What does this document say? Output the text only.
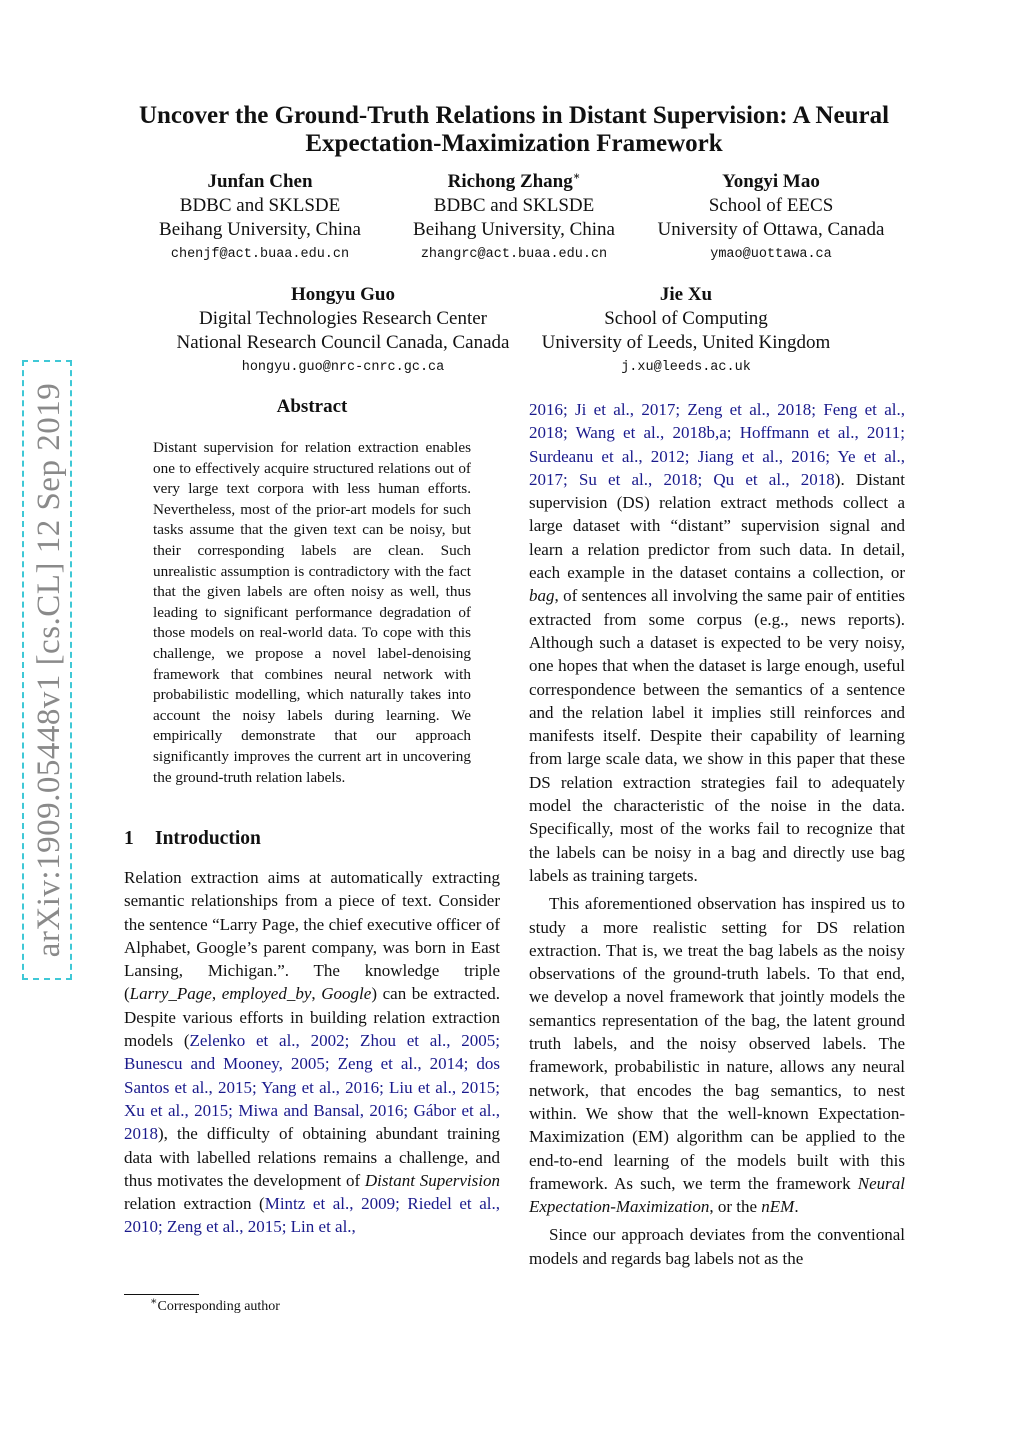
arXiv:1909.05448v1 [cs.CL] 12 Sep 2019
Uncover the Ground-Truth Relations in Distant Supervision: A Neural Expectation-Maximization Framework
Junfan Chen
BDBC and SKLSDE
Beihang University, China
chenjf@act.buaa.edu.cn
Richong Zhang∗
BDBC and SKLSDE
Beihang University, China
zhangrc@act.buaa.edu.cn
Yongyi Mao
School of EECS
University of Ottawa, Canada
ymao@uottawa.ca
Hongyu Guo
Digital Technologies Research Center
National Research Council Canada, Canada
hongyu.guo@nrc-cnrc.gc.ca
Jie Xu
School of Computing
University of Leeds, United Kingdom
j.xu@leeds.ac.uk
Abstract
Distant supervision for relation extraction enables one to effectively acquire structured relations out of very large text corpora with less human efforts. Nevertheless, most of the prior-art models for such tasks assume that the given text can be noisy, but their corresponding labels are clean. Such unrealistic assumption is contradictory with the fact that the given labels are often noisy as well, thus leading to significant performance degradation of those models on real-world data. To cope with this challenge, we propose a novel label-denoising framework that combines neural network with probabilistic modelling, which naturally takes into account the noisy labels during learning. We empirically demonstrate that our approach significantly improves the current art in uncovering the ground-truth relation labels.
1 Introduction

Relation extraction aims at automatically extracting semantic relationships from a piece of text. Consider the sentence “Larry Page, the chief executive officer of Alphabet, Google’s parent company, was born in East Lansing, Michigan.”. The knowledge triple (Larry_Page, employed_by, Google) can be extracted. Despite various efforts in building relation extraction models (Zelenko et al., 2002; Zhou et al., 2005; Bunescu and Mooney, 2005; Zeng et al., 2014; dos Santos et al., 2015; Yang et al., 2016; Liu et al., 2015; Xu et al., 2015; Miwa and Bansal, 2016; Gábor et al., 2018), the difficulty of obtaining abundant training data with labelled relations remains a challenge, and thus motivates the development of Distant Supervision relation extraction (Mintz et al., 2009; Riedel et al., 2010; Zeng et al., 2015; Lin et al.,

2016; Ji et al., 2017; Zeng et al., 2018; Feng et al., 2018; Wang et al., 2018b,a; Hoffmann et al., 2011; Surdeanu et al., 2012; Jiang et al., 2016; Ye et al., 2017; Su et al., 2018; Qu et al., 2018). Distant supervision (DS) relation extract methods collect a large dataset with “distant” supervision signal and learn a relation predictor from such data. In detail, each example in the dataset contains a collection, or bag, of sentences all involving the same pair of entities extracted from some corpus (e.g., news reports). Although such a dataset is expected to be very noisy, one hopes that when the dataset is large enough, useful correspondence between the semantics of a sentence and the relation label it implies still reinforces and manifests itself. Despite their capability of learning from large scale data, we show in this paper that these DS relation extraction strategies fail to adequately model the characteristic of the noise in the data. Specifically, most of the works fail to recognize that the labels can be noisy in a bag and directly use bag labels as training targets.

This aforementioned observation has inspired us to study a more realistic setting for DS relation extraction. That is, we treat the bag labels as the noisy observations of the ground-truth labels. To that end, we develop a novel framework that jointly models the semantics representation of the bag, the latent ground truth labels, and the noisy observed labels. The framework, probabilistic in nature, allows any neural network, that encodes the bag semantics, to nest within. We show that the well-known Expectation-Maximization (EM) algorithm can be applied to the end-to-end learning of the models built with this framework. As such, we term the framework Neural Expectation-Maximization, or the nEM.

Since our approach deviates from the conventional models and regards bag labels not as the

∗Corresponding author
